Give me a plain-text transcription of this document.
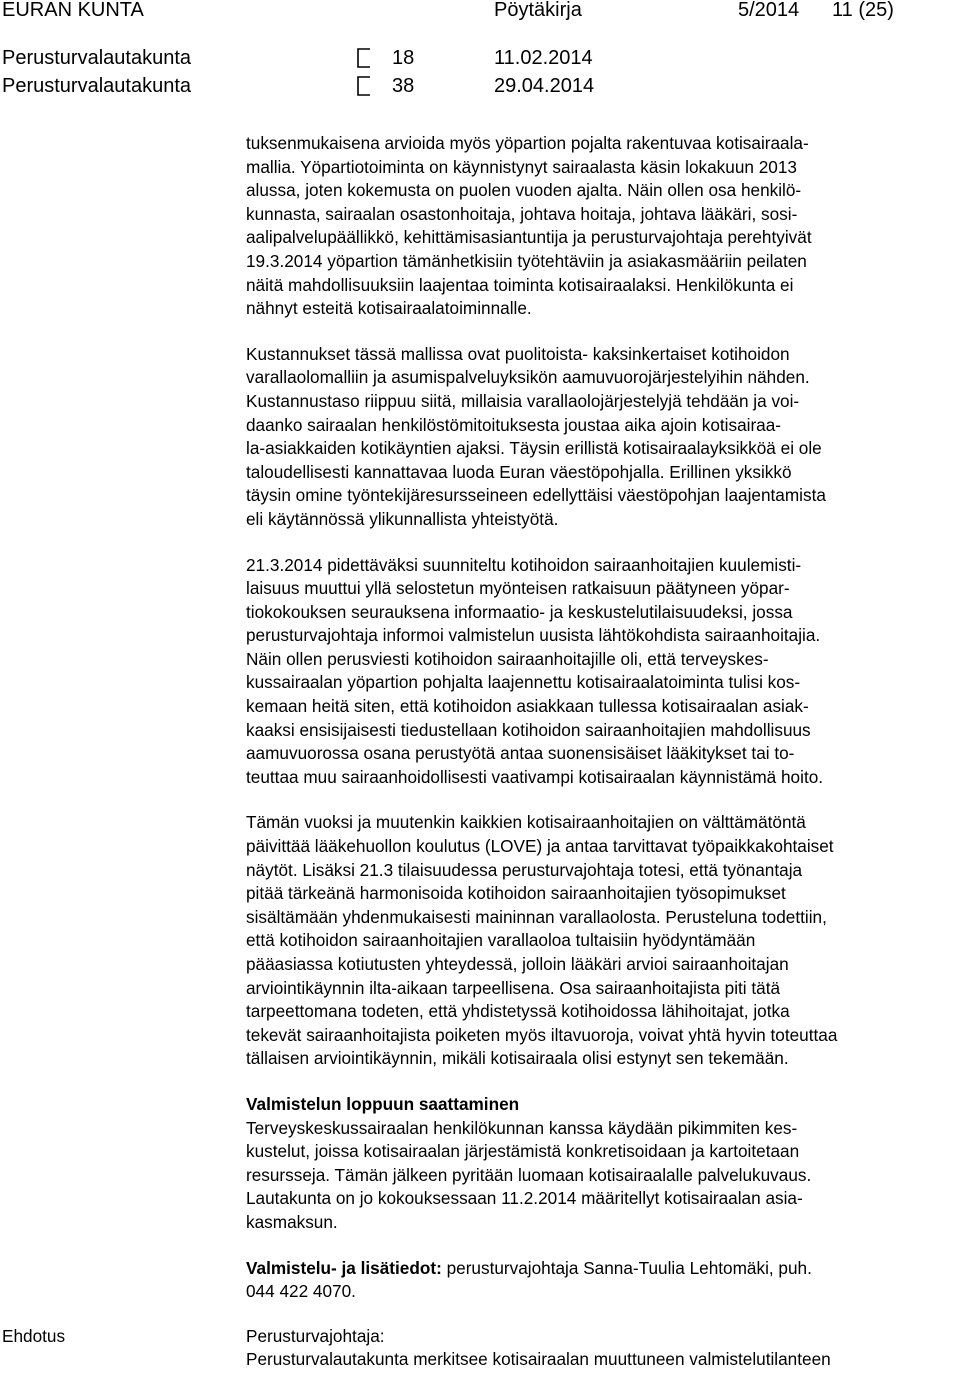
EURAN KUNTA	Pöytäkirja	5/2014 11 (25)
Perusturvalautakunta	18	11.02.2014
Perusturvalautakunta	38	29.04.2014
tuksenmukaisena arvioida myös yöpartion pojalta rakentuvaa kotisairaala-
mallia. Yöpartiotoiminta on käynnistynyt sairaalasta käsin lokakuun 2013
alussa, joten kokemusta on puolen vuoden ajalta. Näin ollen osa henkilö-
kunnasta, sairaalan osastonhoitaja, johtava hoitaja, johtava lääkäri, sosi-
aalipalvelupäällikkö, kehittämisasiantuntija ja perusturvajohtaja perehtyivät
19.3.2014 yöpartion tämänhetkisiin työtehtäviin ja asiakasmääriin peilaten
näitä mahdollisuuksiin laajentaa toiminta kotisairaalaksi. Henkilökunta ei
nähnyt esteitä kotisairaalatoiminnalle.
Kustannukset tässä mallissa ovat puolitoista- kaksinkertaiset kotihoidon
varallaolomalliin ja asumispalveluyksikön aamuvuorojärjestelyihin nähden.
Kustannustaso riippuu siitä, millaisia varallaolojärjestelyjä tehdään ja voi-
daanko sairaalan henkilöstömitoituksesta joustaa aika ajoin kotisairaa-
la-asiakkaiden kotikäyntien ajaksi. Täysin erillistä kotisairaalayksikköä ei ole
taloudellisesti kannattavaa luoda Euran väestöpohjalla. Erillinen yksikkö
täysin omine työntekijäresursseineen edellyttäisi väestöpohjan laajentamista
eli käytännössä ylikunnallista yhteistyötä.
21.3.2014 pidettäväksi suunniteltu kotihoidon sairaanhoitajien kuulemisti-
laisuus muuttui yllä selostetun myönteisen ratkaisuun päätyneen yöpar-
tiokokouksen seurauksena informaatio- ja keskustelutilaisuudeksi, jossa
perusturvajohtaja informoi valmistelun uusista lähtökohdista sairaanhoitajia.
Näin ollen perusviesti kotihoidon sairaanhoitajille oli, että terveyskes-
kussairaalan yöpartion pohjalta laajennettu kotisairaalatoiminta tulisi kos-
kemaan heitä siten, että kotihoidon asiakkaan tullessa kotisairaalan asiak-
kaaksi ensisijaisesti tiedustellaan kotihoidon sairaanhoitajien mahdollisuus
aamuvuorossa osana perustyötä antaa suonensisäiset lääkitykset tai to-
teuttaa muu sairaanhoidollisesti vaativampi kotisairaalan käynnistämä hoito.
Tämän vuoksi ja muutenkin kaikkien kotisairaanhoitajien on välttämätöntä
päivittää lääkehuollon koulutus (LOVE) ja antaa tarvittavat työpaikkakohtaiset
näytöt. Lisäksi 21.3 tilaisuudessa perusturvajohtaja totesi, että työnantaja
pitää tärkeänä harmonisoida kotihoidon sairaanhoitajien työsopimukset
sisältämään yhdenmukaisesti maininnan varallaolosta. Perusteluna todettiin,
että kotihoidon sairaanhoitajien varallaoloa tultaisiin hyödyntämään
pääasiassa kotiutusten yhteydessä, jolloin lääkäri arvioi sairaanhoitajan
arviointikäynnin ilta-aikaan tarpeellisena. Osa sairaanhoitajista piti tätä
tarpeettomana todeten, että yhdistetyssä kotihoidossa lähihoitajat, jotka
tekevät sairaanhoitajista poiketen myös iltavuoroja, voivat yhtä hyvin toteuttaa
tällaisen arviointikäynnin, mikäli kotisairaala olisi estynyt sen tekemään.
Valmistelun loppuun saattaminen
Terveyskeskussairaalan henkilökunnan kanssa käydään pikimmiten kes-
kustelut, joissa kotisairaalan järjestämistä konkretisoidaan ja kartoitetaan
resursseja. Tämän jälkeen pyritään luomaan kotisairaalalle palvelukuvaus.
Lautakunta on jo kokouksessaan 11.2.2014 määritellyt kotisairaalan asia-
kasmaksun.
Valmistelu- ja lisätiedot: perusturvajohtaja Sanna-Tuulia Lehtomäki, puh.
044 422 4070.
Perusturvajohtaja:
Perusturvalautakunta merkitsee kotisairaalan muuttuneen valmistelutilanteen
Ehdotus
